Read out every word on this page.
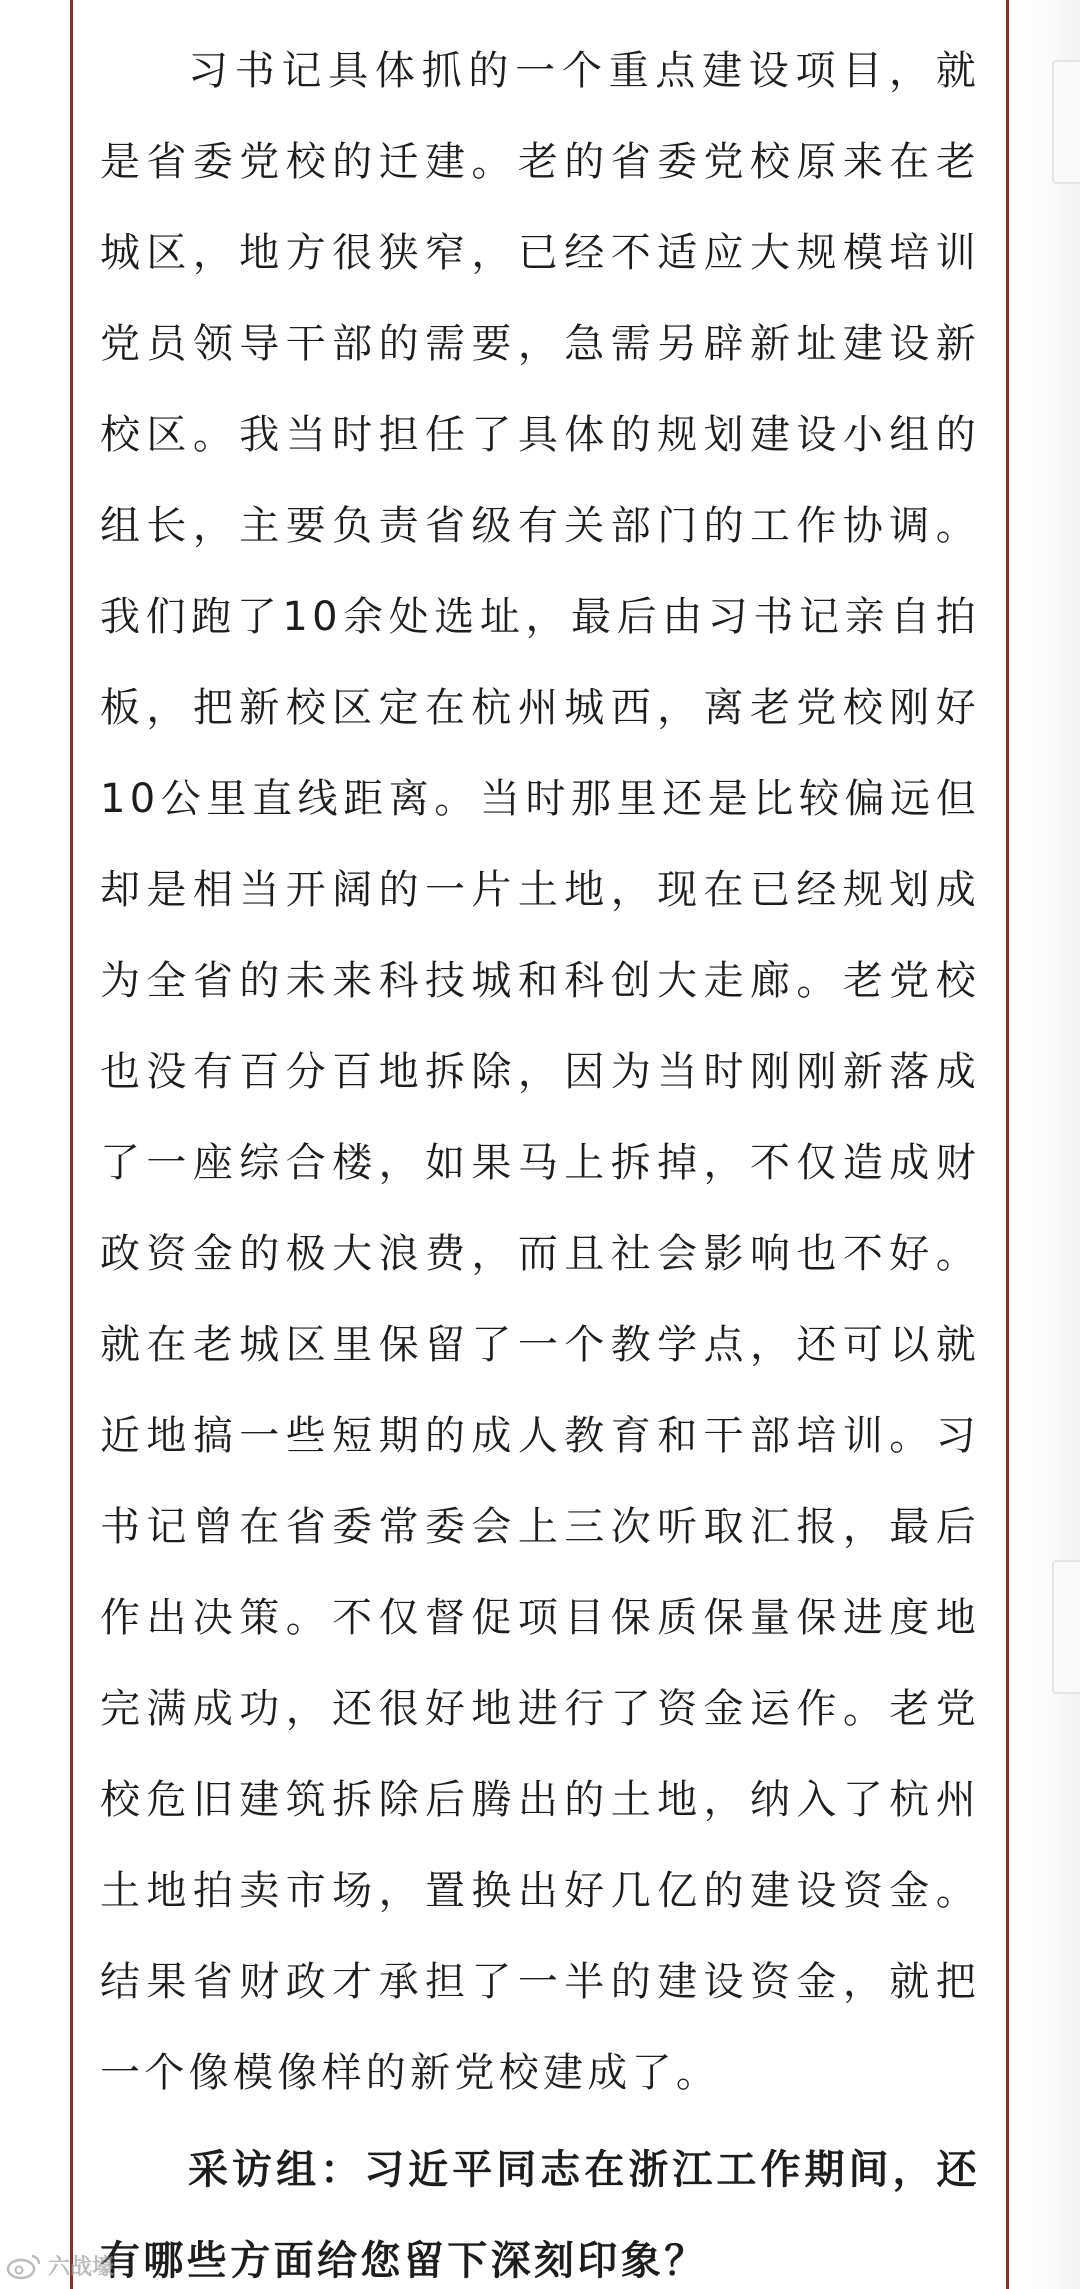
习书记具体抓的一个重点建设项目，就是省委党校的迁建。老的省委党校原来在老城区，地方很狭窄，已经不适应大规模培训党员领导干部的需要，急需另辟新址建设新校区。我当时担任了具体的规划建设小组的组长，主要负责省级有关部门的工作协调。我们跑了10余处选址，最后由习书记亲自拍板，把新校区定在杭州城西，离老党校刚好10公里直线距离。当时那里还是比较偏远但却是相当开阔的一片土地，现在已经规划成为全省的未来科技城和科创大走廊。老党校也没有百分百地拆除，因为当时刚刚新落成了一座综合楼，如果马上拆掉，不仅造成财政资金的极大浪费，而且社会影响也不好。就在老城区里保留了一个教学点，还可以就近地搞一些短期的成人教育和干部培训。习书记曾在省委常委会上三次听取汇报，最后作出决策。不仅督促项目保质保量保进度地完满成功，还很好地进行了资金运作。老党校危旧建筑拆除后腾出的土地，纳入了杭州土地拍卖市场，置换出好几亿的建设资金。结果省财政才承担了一半的建设资金，就把一个像模像样的新党校建成了。

采访组：习近平同志在浙江工作期间，还有哪些方面给您留下深刻印象？

六战壕
